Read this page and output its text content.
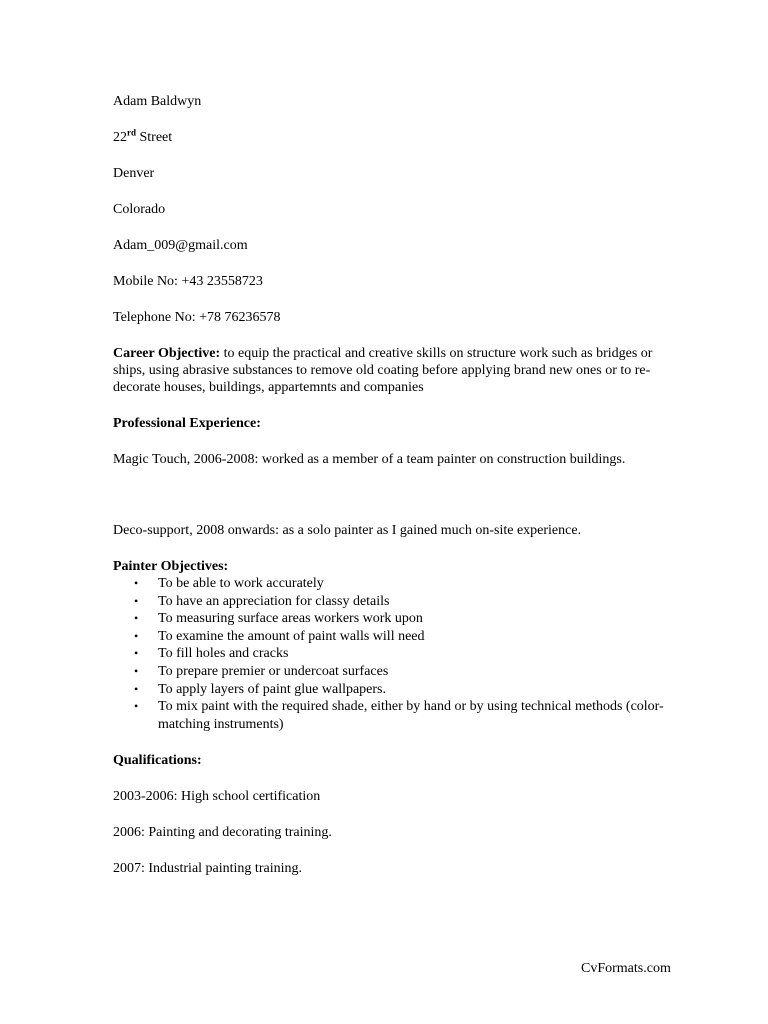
Adam Baldwyn

22rd Street

Denver

Colorado

Adam_009@gmail.com

Mobile No: +43 23558723

Telephone No: +78 76236578

Career Objective: to equip the practical and creative skills on structure work such as bridges or ships, using abrasive substances to remove old coating before applying brand new ones or to re-decorate houses, buildings, appartemnts and companies

Professional Experience:

Magic Touch, 2006-2008: worked as a member of a team painter on construction buildings.

Deco-support, 2008 onwards: as a solo painter as I gained much on-site experience.

Painter Objectives:

• To be able to work accurately
• To have an appreciation for classy details
• To measuring surface areas workers work upon
• To examine the amount of paint walls will need
• To fill holes and cracks
• To prepare premier or undercoat surfaces
• To apply layers of paint glue wallpapers.
• To mix paint with the required shade, either by hand or by using technical methods (color-matching instruments)

Qualifications:

2003-2006: High school certification

2006: Painting and decorating training.

2007: Industrial painting training.

CvFormats.com
